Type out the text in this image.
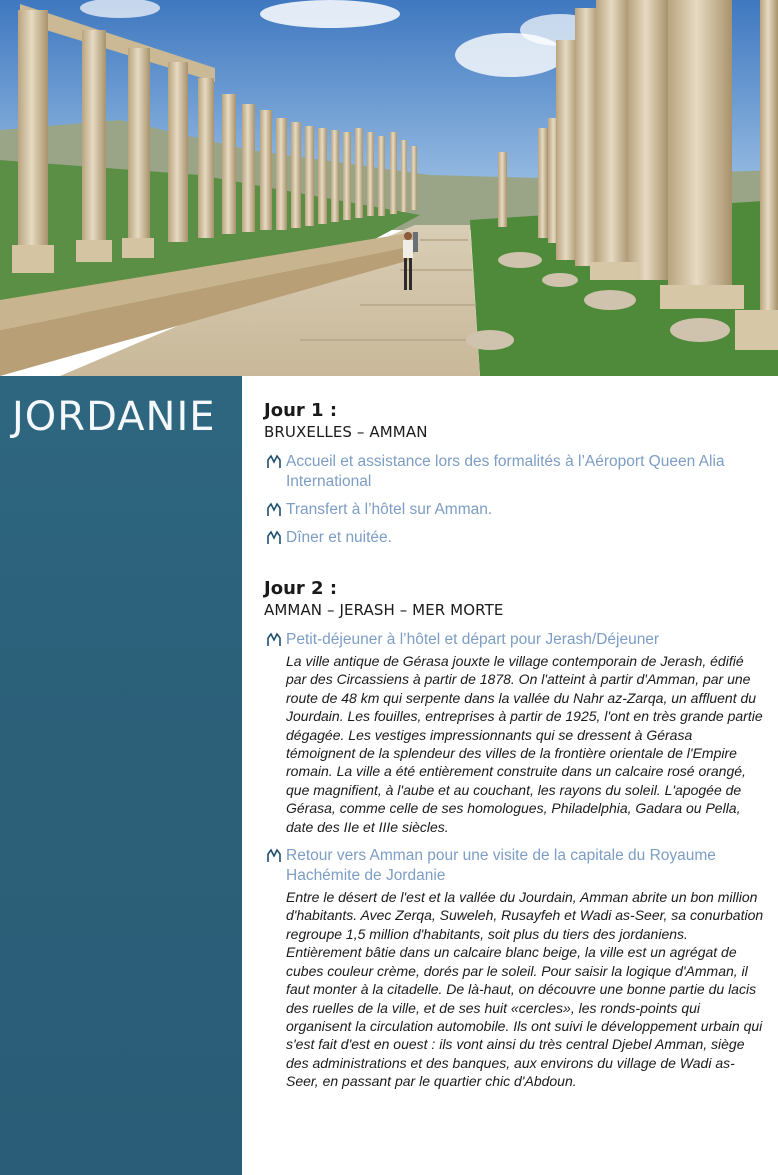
JORDANIE	Jour 1 :
BRUXELLES – AMMAN
Accueil et assistance lors des formalités à l’Aéroport Queen Alia International
Transfert à l’hôtel sur Amman.
Dîner et nuitée.
Jour 2 :
AMMAN – JERASH – MER MORTE
Petit-déjeuner à l’hôtel et départ pour Jerash/Déjeuner
La ville antique de Gérasa jouxte le village contemporain de Jerash, édifié par des Circassiens à partir de 1878. On l'atteint à partir d'Amman, par une route de 48 km qui serpente dans la vallée du Nahr az-Zarqa, un affluent du Jourdain. Les fouilles, entreprises à partir de 1925, l'ont en très grande partie dégagée. Les vestiges impressionnants qui se dressent à Gérasa témoignent de la splendeur des villes de la frontière orientale de l'Empire romain. La ville a été entièrement construite dans un calcaire rosé orangé, que magnifient, à l'aube et au couchant, les rayons du soleil. L'apogée de Gérasa, comme celle de ses homologues, Philadelphia, Gadara ou Pella, date des IIe et IIIe siècles.
Retour vers Amman pour une visite de la capitale du Royaume Hachémite de Jordanie
Entre le désert de l'est et la vallée du Jourdain, Amman abrite un bon million d'habitants. Avec Zerqa, Suweleh, Rusayfeh et Wadi as-Seer, sa conurbation regroupe 1,5 million d'habitants, soit plus du tiers des jordaniens. Entièrement bâtie dans un calcaire blanc beige, la ville est un agrégat de cubes couleur crème, dorés par le soleil. Pour saisir la logique d'Amman, il faut monter à la citadelle. De là-haut, on découvre une bonne partie du lacis des ruelles de la ville, et de ses huit «cercles», les ronds-points qui organisent la circulation automobile. Ils ont suivi le développement urbain qui s'est fait d'est en ouest : ils vont ainsi du très central Djebel Amman, siège des administrations et des banques, aux environs du village de Wadi as-Seer, en passant par le quartier chic d'Abdoun.
